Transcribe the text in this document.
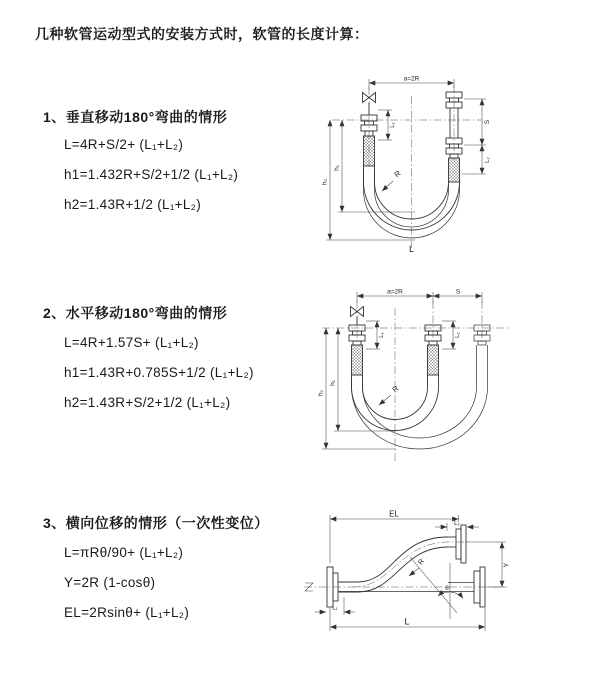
几种软管运动型式的安装方式时，软管的长度计算：
1、垂直移动180°弯曲的情形
L=4R+S/2+ (L₁+L₂)
h1=1.432R+S/2+1/2 (L₁+L₂)
h2=1.43R+1/2 (L₁+L₂)
2、水平移动180°弯曲的情形
L=4R+1.57S+ (L₁+L₂)
h1=1.43R+0.785S+1/2 (L₁+L₂)
h2=1.43R+S/2+1/2 (L₁+L₂)
3、横向位移的情形（一次性变位）
L=πRθ/90+ (L₁+L₂)
Y=2R (1-cosθ)
EL=2Rsinθ+ (L₁+L₂)
a=2R
h₂
h₁
L₁
S
L₂
R
L
a=2R	S
h₁
h₂
L₁	L₂
R
EL
L₂
Y
R
θ
L
L₁
